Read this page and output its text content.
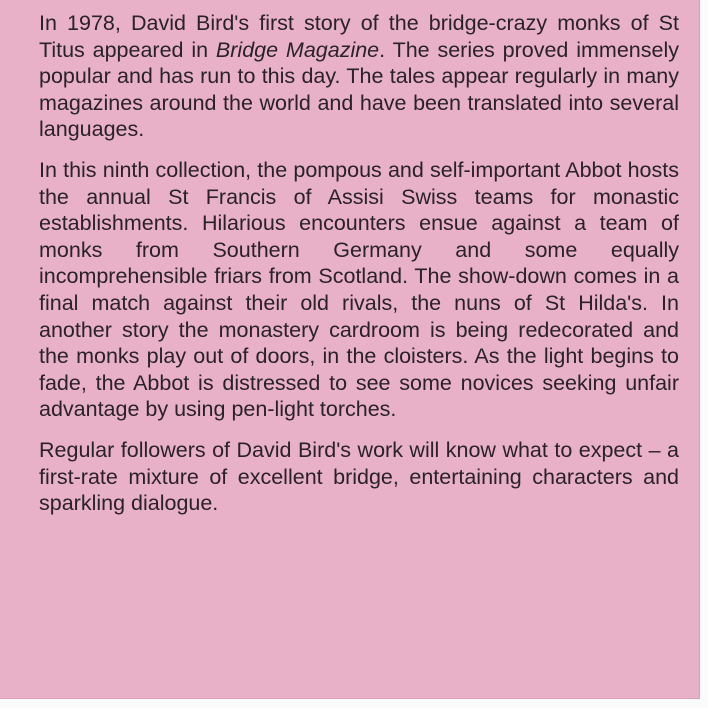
In 1978, David Bird's first story of the bridge-crazy monks of St Titus appeared in Bridge Magazine. The series proved immensely popular and has run to this day. The tales appear regularly in many magazines around the world and have been translated into several languages.

In this ninth collection, the pompous and self-important Abbot hosts the annual St Francis of Assisi Swiss teams for monastic establishments. Hilarious encounters ensue against a team of monks from Southern Germany and some equally incomprehensible friars from Scotland. The show-down comes in a final match against their old rivals, the nuns of St Hilda's. In another story the monastery cardroom is being redecorated and the monks play out of doors, in the cloisters. As the light begins to fade, the Abbot is distressed to see some novices seeking unfair advantage by using pen-light torches.

Regular followers of David Bird's work will know what to expect – a first-rate mixture of excellent bridge, entertaining characters and sparkling dialogue.
